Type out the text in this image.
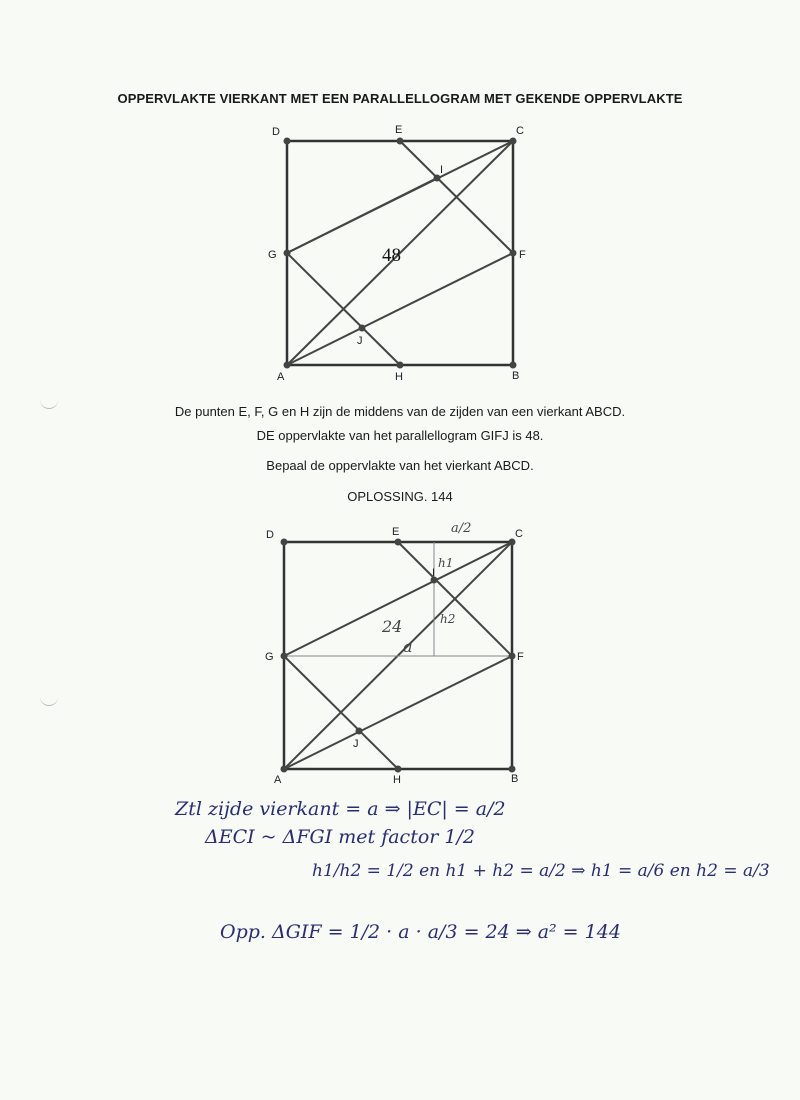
OPPERVLAKTE VIERKANT MET EEN PARALLELLOGRAM MET GEKENDE OPPERVLAKTE
D	E	C
G	F
I
J
A	H	B
48
D	E	C
G	F
I
J
A	H	B
a/2
h1
h2
24
a
Ztl zijde vierkant = a ⇒ |EC| = a/2
ΔECI ~ ΔFGI met factor 1/2
h1/h2 = 1/2 en h1 + h2 = a/2 ⇒ h1 = a/6 en h2 = a/3
Opp. ΔGIF = 1/2 · a · a/3 = 24 ⇒ a² = 144
De punten E, F, G en H zijn de middens van de zijden van een vierkant ABCD.
DE oppervlakte van het parallellogram GIFJ is 48.
Bepaal de oppervlakte van het vierkant ABCD.
OPLOSSING. 144
